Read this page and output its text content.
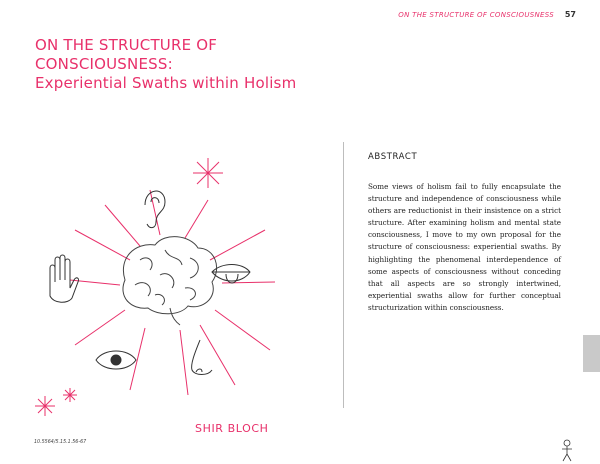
ON THE STRUCTURE OF CONSCIOUSNESS 57
ON THE STRUCTURE OF
CONSCIOUSNESS:
Experiential Swaths within Holism
ABSTRACT
Some views of holism fail to fully encapsulate the structure and independence of consciousness while others are reductionist in their insistence on a strict structure. After examining holism and mental state consciousness, I move to my own proposal for the structure of consciousness: experiential swaths. By highlighting the phenomenal interdependence of some aspects of consciousness without conceding that all aspects are so strongly intertwined, experiential swaths allow for further conceptual structurization within consciousness.
SHIR BLOCH
10.5564/5.15.1.56-67
